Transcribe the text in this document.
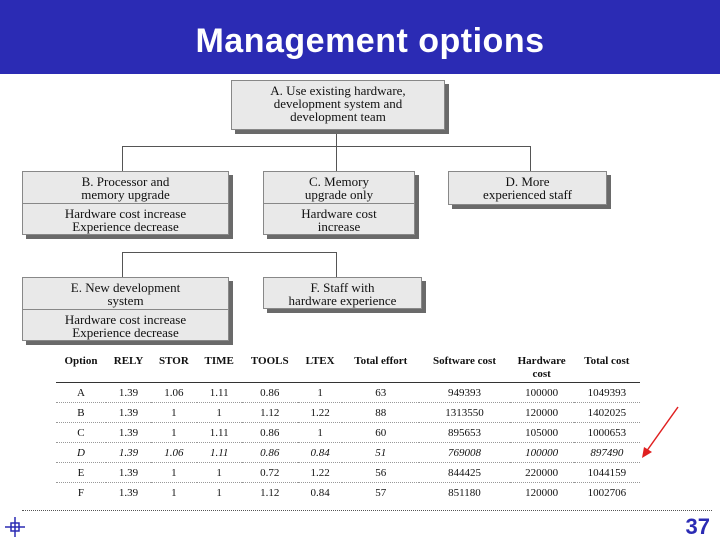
Management options
A. Use existing hardware,
development system and
development team
B. Processor and
memory upgrade
Hardware cost increase
Experience decrease
C. Memory
upgrade only
Hardware cost
increase
D. More
experienced staff
E. New development
system
Hardware cost increase
Experience decrease
F. Staff with
hardware experience
Option	RELY	STOR	TIME	TOOLS	LTEX	Total effort	Software cost	Hardware cost	Total cost
A	1.39	1.06	1.11	0.86	1	63	949393	100000	1049393
B	1.39	1	1	1.12	1.22	88	1313550	120000	1402025
C	1.39	1	1.11	0.86	1	60	895653	105000	1000653
D	1.39	1.06	1.11	0.86	0.84	51	769008	100000	897490
E	1.39	1	1	0.72	1.22	56	844425	220000	1044159
F	1.39	1	1	1.12	0.84	57	851180	120000	1002706
37
